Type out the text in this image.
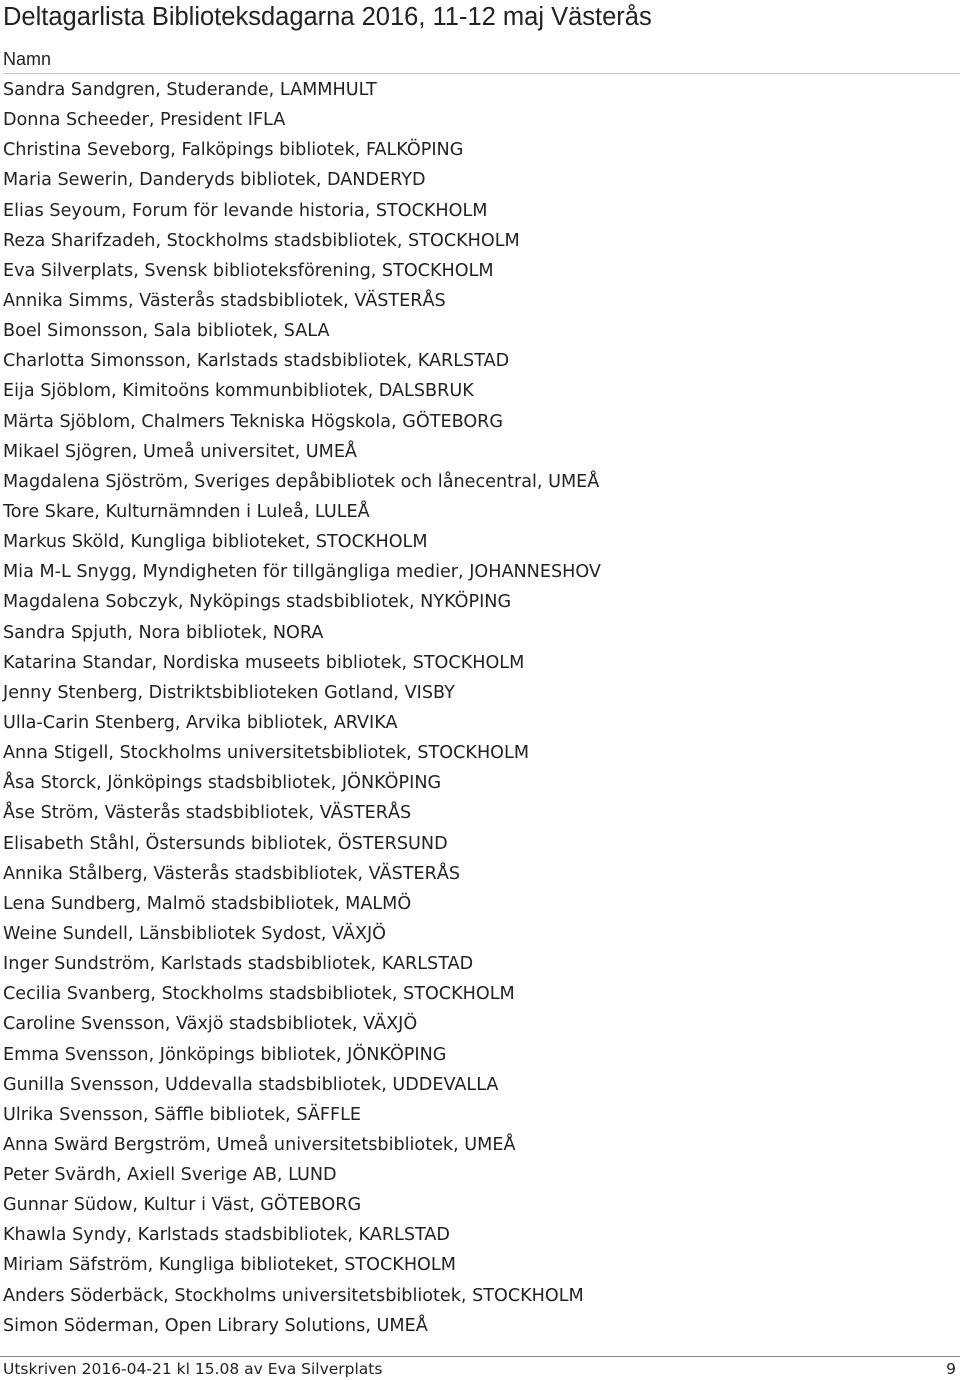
Deltagarlista Biblioteksdagarna 2016, 11-12 maj Västerås
Namn
Sandra Sandgren, Studerande, LAMMHULT
Donna Scheeder, President IFLA
Christina Seveborg, Falköpings bibliotek, FALKÖPING
Maria Sewerin, Danderyds bibliotek, DANDERYD
Elias Seyoum, Forum för levande historia, STOCKHOLM
Reza Sharifzadeh, Stockholms stadsbibliotek, STOCKHOLM
Eva Silverplats, Svensk biblioteksförening, STOCKHOLM
Annika Simms, Västerås stadsbibliotek, VÄSTERÅS
Boel Simonsson, Sala bibliotek, SALA
Charlotta Simonsson, Karlstads stadsbibliotek, KARLSTAD
Eija Sjöblom, Kimitoöns kommunbibliotek, DALSBRUK
Märta Sjöblom, Chalmers Tekniska Högskola, GÖTEBORG
Mikael Sjögren, Umeå universitet, UMEÅ
Magdalena Sjöström, Sveriges depåbibliotek och lånecentral, UMEÅ
Tore Skare, Kulturnämnden i Luleå, LULEÅ
Markus Sköld, Kungliga biblioteket, STOCKHOLM
Mia M-L Snygg, Myndigheten för tillgängliga medier, JOHANNESHOV
Magdalena Sobczyk, Nyköpings stadsbibliotek, NYKÖPING
Sandra Spjuth, Nora bibliotek, NORA
Katarina Standar, Nordiska museets bibliotek, STOCKHOLM
Jenny Stenberg, Distriktsbiblioteken Gotland, VISBY
Ulla-Carin Stenberg, Arvika bibliotek, ARVIKA
Anna Stigell, Stockholms universitetsbibliotek, STOCKHOLM
Åsa Storck, Jönköpings stadsbibliotek, JÖNKÖPING
Åse Ström, Västerås stadsbibliotek, VÄSTERÅS
Elisabeth Ståhl, Östersunds bibliotek, ÖSTERSUND
Annika Stålberg, Västerås stadsbibliotek, VÄSTERÅS
Lena Sundberg, Malmö stadsbibliotek, MALMÖ
Weine Sundell, Länsbibliotek Sydost, VÄXJÖ
Inger Sundström, Karlstads stadsbibliotek, KARLSTAD
Cecilia Svanberg, Stockholms stadsbibliotek, STOCKHOLM
Caroline Svensson, Växjö stadsbibliotek, VÄXJÖ
Emma Svensson, Jönköpings bibliotek, JÖNKÖPING
Gunilla Svensson, Uddevalla stadsbibliotek, UDDEVALLA
Ulrika Svensson, Säffle bibliotek, SÄFFLE
Anna Swärd Bergström, Umeå universitetsbibliotek, UMEÅ
Peter Svärdh, Axiell Sverige AB, LUND
Gunnar Südow, Kultur i Väst, GÖTEBORG
Khawla Syndy, Karlstads stadsbibliotek, KARLSTAD
Miriam Säfström, Kungliga biblioteket, STOCKHOLM
Anders Söderbäck, Stockholms universitetsbibliotek, STOCKHOLM
Simon Söderman, Open Library Solutions, UMEÅ
Utskriven 2016-04-21 kl 15.08 av Eva Silverplats	9
